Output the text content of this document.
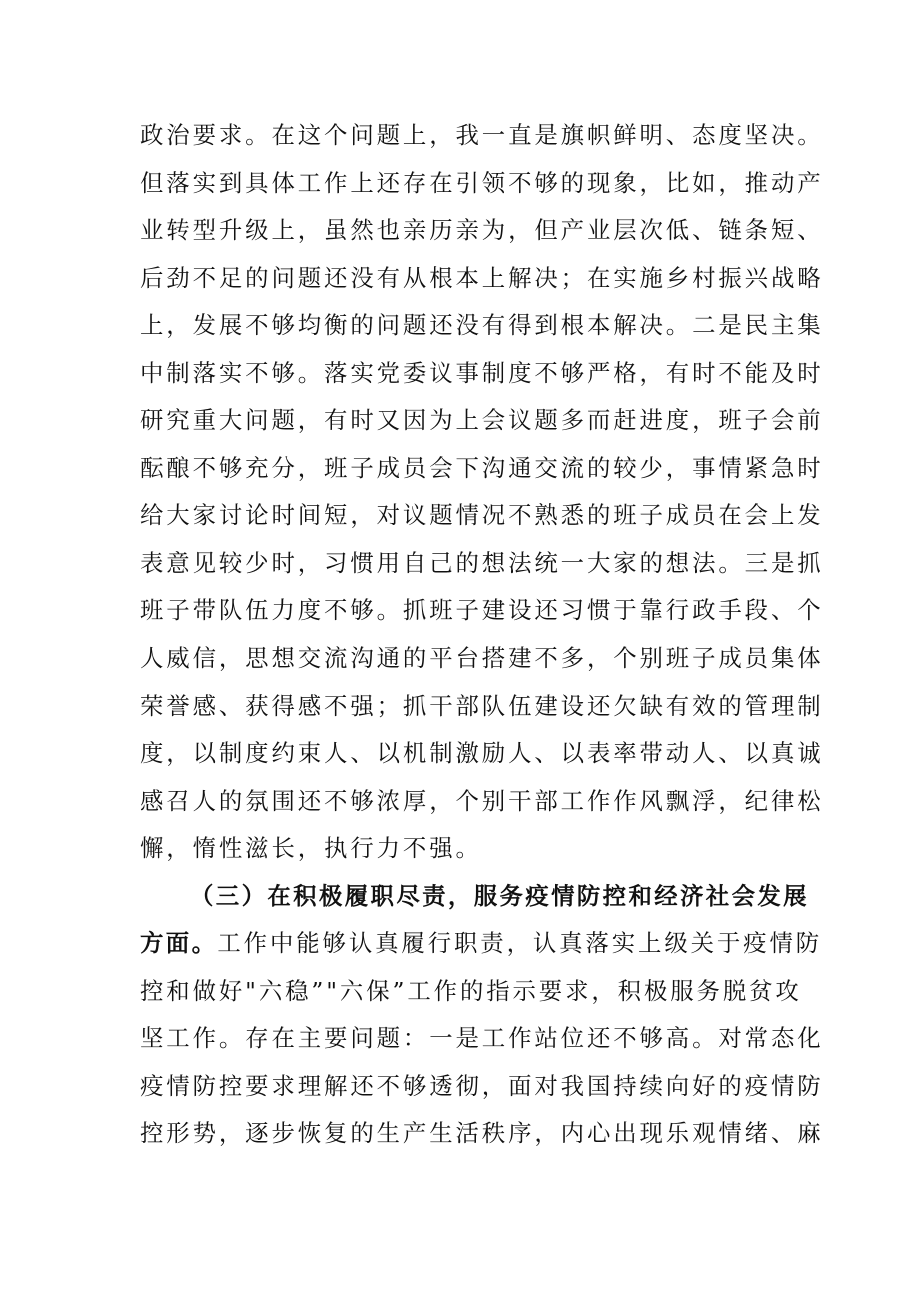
政治要求。在这个问题上，我一直是旗帜鲜明、态度坚决。
但落实到具体工作上还存在引领不够的现象，比如，推动产
业转型升级上，虽然也亲历亲为，但产业层次低、链条短、
后劲不足的问题还没有从根本上解决；在实施乡村振兴战略
上，发展不够均衡的问题还没有得到根本解决。二是民主集
中制落实不够。落实党委议事制度不够严格，有时不能及时
研究重大问题，有时又因为上会议题多而赶进度，班子会前
酝酿不够充分，班子成员会下沟通交流的较少，事情紧急时
给大家讨论时间短，对议题情况不熟悉的班子成员在会上发
表意见较少时，习惯用自己的想法统一大家的想法。三是抓
班子带队伍力度不够。抓班子建设还习惯于靠行政手段、个
人威信，思想交流沟通的平台搭建不多，个别班子成员集体
荣誉感、获得感不强；抓干部队伍建设还欠缺有效的管理制
度，以制度约束人、以机制激励人、以表率带动人、以真诚
感召人的氛围还不够浓厚，个别干部工作作风飘浮，纪律松
懈，惰性滋长，执行力不强。
（三）在积极履职尽责，服务疫情防控和经济社会发展
方面。工作中能够认真履行职责，认真落实上级关于疫情防
控和做好"六稳”"六保”工作的指示要求，积极服务脱贫攻
坚工作。存在主要问题：一是工作站位还不够高。对常态化
疫情防控要求理解还不够透彻，面对我国持续向好的疫情防
控形势，逐步恢复的生产生活秩序，内心出现乐观情绪、麻
